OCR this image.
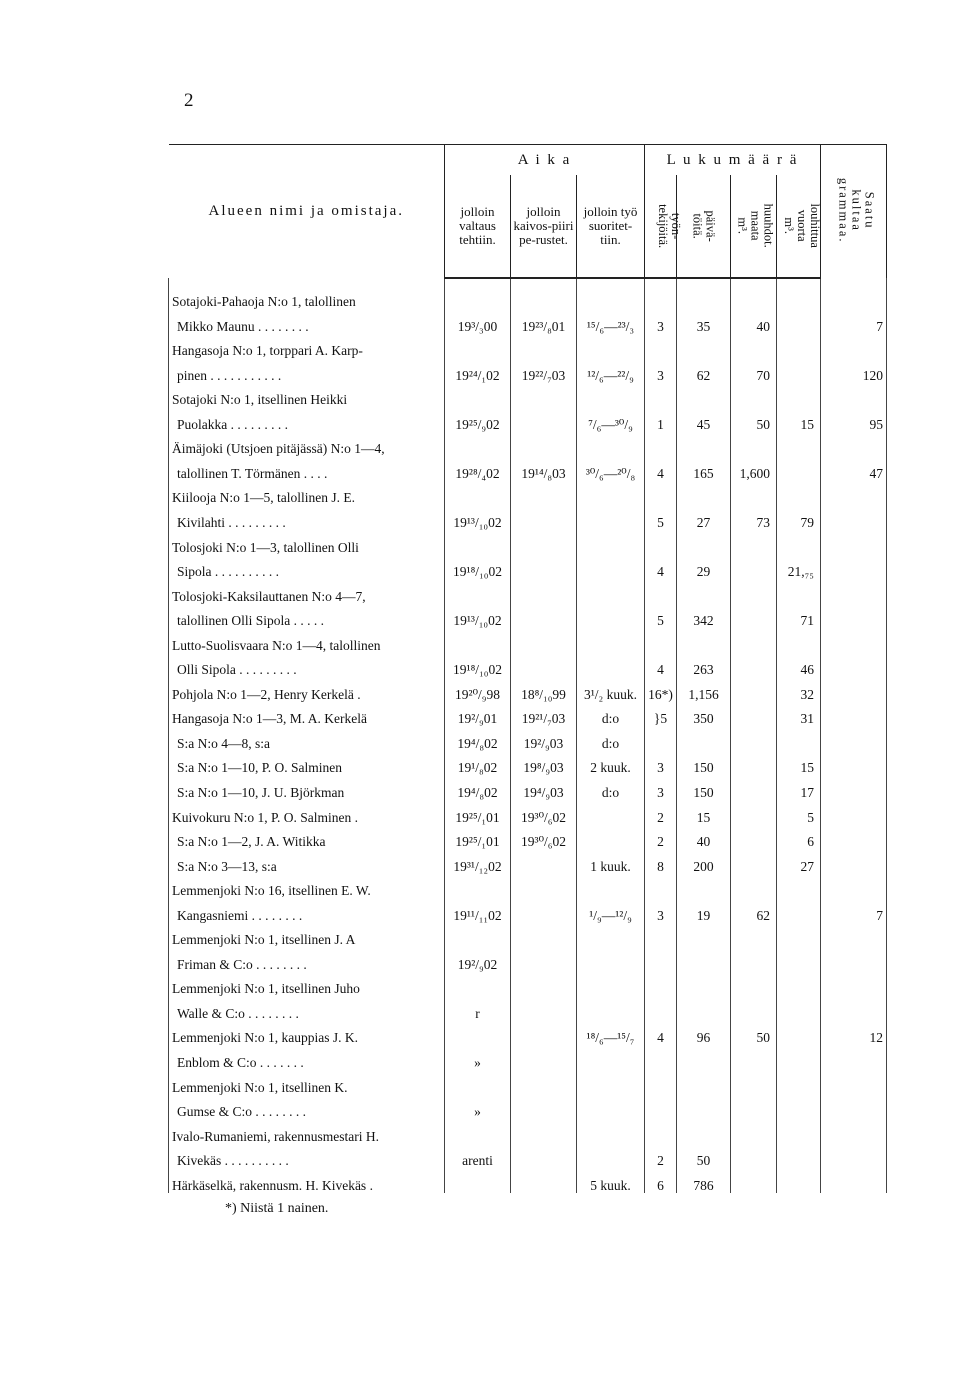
2
Alueen nimi ja omistaja.	A i k a			L u k u m ä ä r ä				Saatu kultaa
grammaa.
	jolloin valtaus tehtiin.	jolloin kaivos-piiri pe-rustet.	jolloin työ suoritet-tiin.	työn-
tekijöitä.	päivä-
töitä.	huuhdot.
maata m³.	louhittua
vuorta m³.	
Sotajoki-Pahaoja N:o 1, talollinen								
Mikko Maunu . . . . . . . .	19³/₃00	19²³/₈01	¹⁵/₆—²³/₃	3	35	40		7
Hangasoja N:o 1, torppari A. Karp-								
pinen . . . . . . . . . . .	19²⁴/₁02	19²²/₇03	¹²/₆—²²/₉	3	62	70		120
Sotajoki N:o 1, itsellinen Heikki								
Puolakka . . . . . . . . .	19²⁵/₉02		⁷/₆—³⁰/₉	1	45	50	15	95
Äimäjoki (Utsjoen pitäjässä) N:o 1—4,								
talollinen T. Törmänen . . . .	19²⁸/₄02	19¹⁴/₈03	³⁰/₆—²⁰/₈	4	165	1,600		47
Kiilooja N:o 1—5, talollinen J. E.								
Kivilahti . . . . . . . . .	19¹³/₁₀02			5	27	73	79	
Tolosjoki N:o 1—3, talollinen Olli								
Sipola . . . . . . . . . .	19¹⁸/₁₀02			4	29		21,₇₅	
Tolosjoki-Kaksilauttanen N:o 4—7,								
talollinen Olli Sipola . . . . .	19¹³/₁₀02			5	342		71	
Lutto-Suolisvaara N:o 1—4, talollinen								
Olli Sipola . . . . . . . . .	19¹⁸/₁₀02			4	263		46	
Pohjola N:o 1—2, Henry Kerkelä .	19²⁰/₉98	18⁸/₁₀99	3¹/₂ kuuk.	16*)	1,156		32	
Hangasoja N:o 1—3, M. A. Kerkelä	19²/₉01	19²¹/₇03	d:o	}5	350		31	
S:a N:o 4—8, s:a	19⁴/₈02	19²/₉03	d:o					
S:a N:o 1—10, P. O. Salminen	19¹/₈02	19⁸/₉03	2 kuuk.	3	150		15	
S:a N:o 1—10, J. U. Björkman	19⁴/₈02	19⁴/₉03	d:o	3	150		17	
Kuivokuru N:o 1, P. O. Salminen .	19²⁵/₁01	19³⁰/₆02		2	15		5	
S:a N:o 1—2, J. A. Witikka	19²⁵/₁01	19³⁰/₆02		2	40		6	
S:a N:o 3—13, s:a	19³¹/₁₂02		1 kuuk.	8	200		27	
Lemmenjoki N:o 16, itsellinen E. W.								
Kangasniemi . . . . . . . .	19¹¹/₁₁02		¹/₉—¹²/₉	3	19	62		7
Lemmenjoki N:o 1, itsellinen J. A								
Friman & C:o . . . . . . . .	19²/₉02							
Lemmenjoki N:o 1, itsellinen Juho								
Walle & C:o . . . . . . . .	r							
Lemmenjoki N:o 1, kauppias J. K.			¹⁸/₆—¹⁵/₇	4	96	50		12
Enblom & C:o . . . . . . .	»							
Lemmenjoki N:o 1, itsellinen K.								
Gumse & C:o . . . . . . . .	»							
Ivalo-Rumaniemi, rakennusmestari H.								
Kivekäs . . . . . . . . . .	arenti			2	50			
Härkäselkä, rakennusm. H. Kivekäs .			5 kuuk.	6	786			
*) Niistä 1 nainen.
